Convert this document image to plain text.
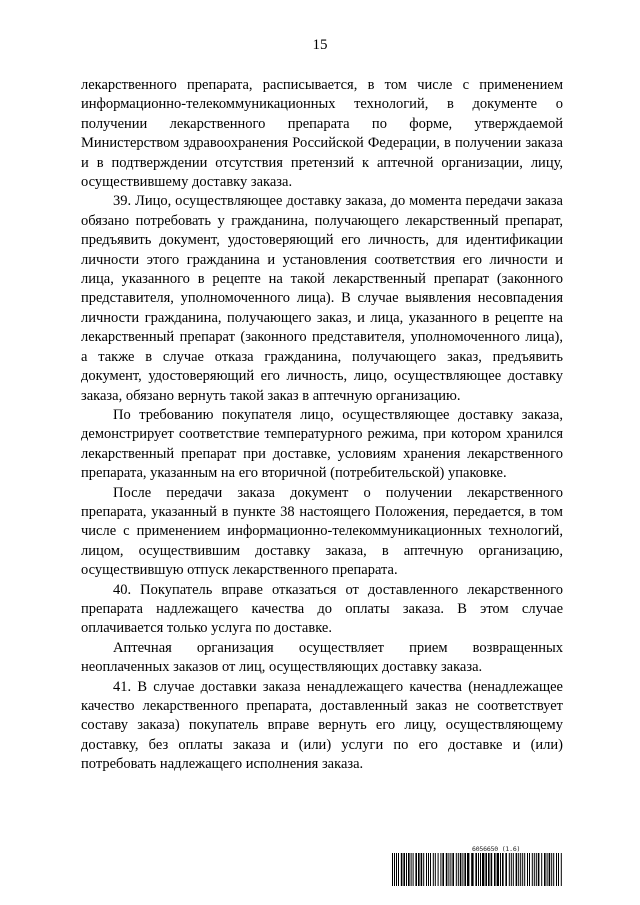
15

лекарственного препарата, расписывается, в том числе с применением информационно-телекоммуникационных технологий, в документе о получении лекарственного препарата по форме, утверждаемой Министерством здравоохранения Российской Федерации, в получении заказа и в подтверждении отсутствия претензий к аптечной организации, лицу, осуществившему доставку заказа.

39. Лицо, осуществляющее доставку заказа, до момента передачи заказа обязано потребовать у гражданина, получающего лекарственный препарат, предъявить документ, удостоверяющий его личность, для идентификации личности этого гражданина и установления соответствия его личности и лица, указанного в рецепте на такой лекарственный препарат (законного представителя, уполномоченного лица). В случае выявления несовпадения личности гражданина, получающего заказ, и лица, указанного в рецепте на лекарственный препарат (законного представителя, уполномоченного лица), а также в случае отказа гражданина, получающего заказ, предъявить документ, удостоверяющий его личность, лицо, осуществляющее доставку заказа, обязано вернуть такой заказ в аптечную организацию.

По требованию покупателя лицо, осуществляющее доставку заказа, демонстрирует соответствие температурного режима, при котором хранился лекарственный препарат при доставке, условиям хранения лекарственного препарата, указанным на его вторичной (потребительской) упаковке.

После передачи заказа документ о получении лекарственного препарата, указанный в пункте 38 настоящего Положения, передается, в том числе с применением информационно-телекоммуникационных технологий, лицом, осуществившим доставку заказа, в аптечную организацию, осуществившую отпуск лекарственного препарата.

40. Покупатель вправе отказаться от доставленного лекарственного препарата надлежащего качества до оплаты заказа. В этом случае оплачивается только услуга по доставке.

Аптечная организация осуществляет прием возвращенных неоплаченных заказов от лиц, осуществляющих доставку заказа.

41. В случае доставки заказа ненадлежащего качества (ненадлежащее качество лекарственного препарата, доставленный заказ не соответствует составу заказа) покупатель вправе вернуть его лицу, осуществляющему доставку, без оплаты заказа и (или) услуги по его доставке и (или) потребовать надлежащего исполнения заказа.

6056650 (1.6)
